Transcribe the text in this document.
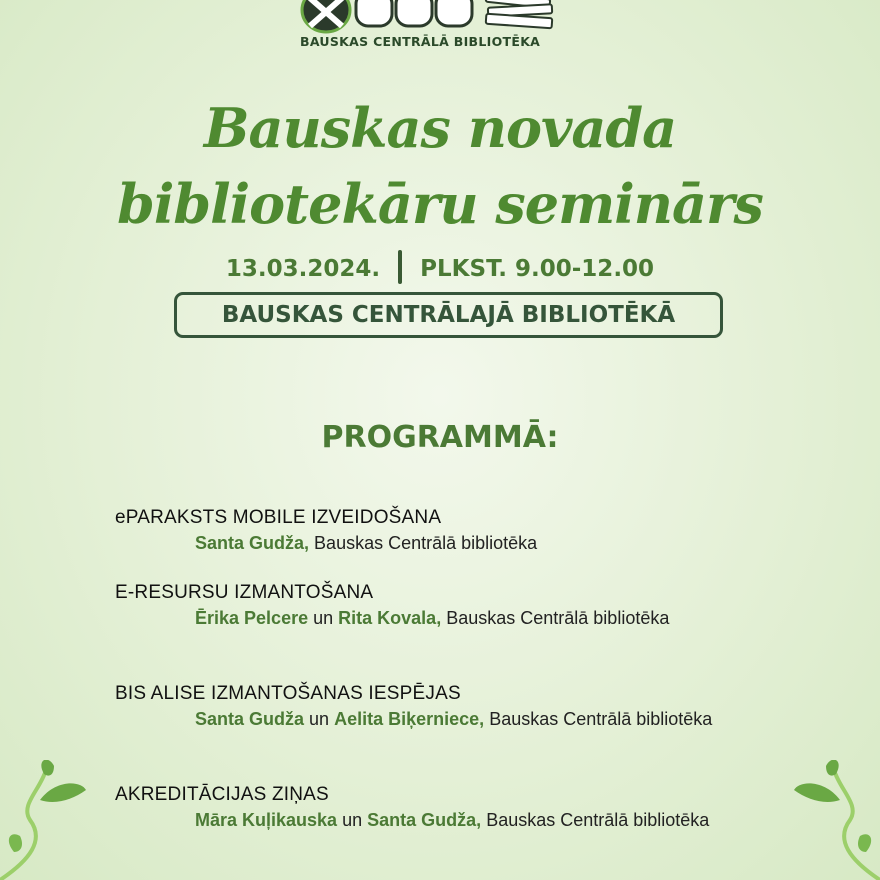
BAUSKAS CENTRĀLĀ BIBLIOTĒKA
Bauskas novada
bibliotekāru seminārs
13.03.2024. PLKST. 9.00-12.00
BAUSKAS CENTRĀLAJĀ BIBLIOTĒKĀ
PROGRAMMĀ:
ePARAKSTS MOBILE IZVEIDOŠANA
Santa Gudža, Bauskas Centrālā bibliotēka
E-RESURSU IZMANTOŠANA
Ērika Pelcere un Rita Kovala, Bauskas Centrālā bibliotēka
BIS ALISE IZMANTOŠANAS IESPĒJAS
Santa Gudža un Aelita Biķerniece, Bauskas Centrālā bibliotēka
AKREDITĀCIJAS ZIŅAS
Māra Kuļikauska un Santa Gudža, Bauskas Centrālā bibliotēka
